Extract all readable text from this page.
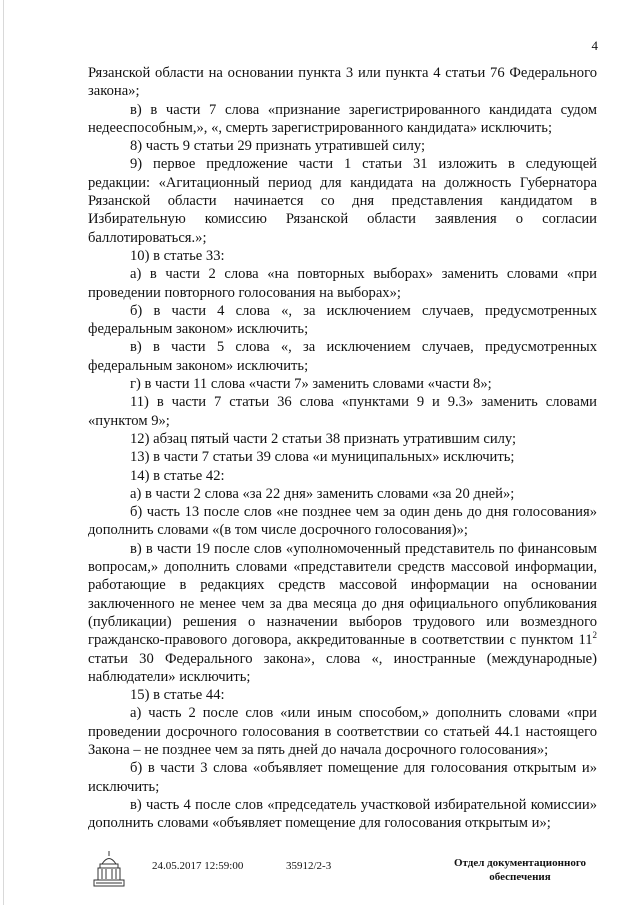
4

Рязанской области на основании пункта 3 или пункта 4 статьи 76 Федерального закона»;

в) в части 7 слова «признание зарегистрированного кандидата судом недееспособным,», «, смерть зарегистрированного кандидата» исключить;

8) часть 9 статьи 29 признать утратившей силу;

9) первое предложение части 1 статьи 31 изложить в следующей редакции: «Агитационный период для кандидата на должность Губернатора Рязанской области начинается со дня представления кандидатом в Избирательную комиссию Рязанской области заявления о согласии баллотироваться.»;

10) в статье 33:

а) в части 2 слова «на повторных выборах» заменить словами «при проведении повторного голосования на выборах»;

б) в части 4 слова «, за исключением случаев, предусмотренных федеральным законом» исключить;

в) в части 5 слова «, за исключением случаев, предусмотренных федеральным законом» исключить;

г) в части 11 слова «части 7» заменить словами «части 8»;

11) в части 7 статьи 36 слова «пунктами 9 и 9.3» заменить словами «пунктом 9»;

12) абзац пятый части 2 статьи 38 признать утратившим силу;

13) в части 7 статьи 39 слова «и муниципальных» исключить;

14) в статье 42:

а) в части 2 слова «за 22 дня» заменить словами «за 20 дней»;

б) часть 13 после слов «не позднее чем за один день до дня голосования» дополнить словами «(в том числе досрочного голосования)»;

в) в части 19 после слов «уполномоченный представитель по финансовым вопросам,» дополнить словами «представители средств массовой информации, работающие в редакциях средств массовой информации на основании заключенного не менее чем за два месяца до дня официального опубликования (публикации) решения о назначении выборов трудового или возмездного гражданско-правового договора, аккредитованные в соответствии с пунктом $11^2$ статьи 30 Федерального закона», слова «, иностранные (международные) наблюдатели» исключить;

15) в статье 44:

а) часть 2 после слов «или иным способом,» дополнить словами «при проведении досрочного голосования в соответствии со статьей 44.1 настоящего Закона – не позднее чем за пять дней до начала досрочного голосования»;

б) в части 3 слова «объявляет помещение для голосования открытым и» исключить;

в) часть 4 после слов «председатель участковой избирательной комиссии» дополнить словами «объявляет помещение для голосования открытым и»;

24.05.2017 12:59:00	35912/2-3	Отдел документационного
обеспечения
